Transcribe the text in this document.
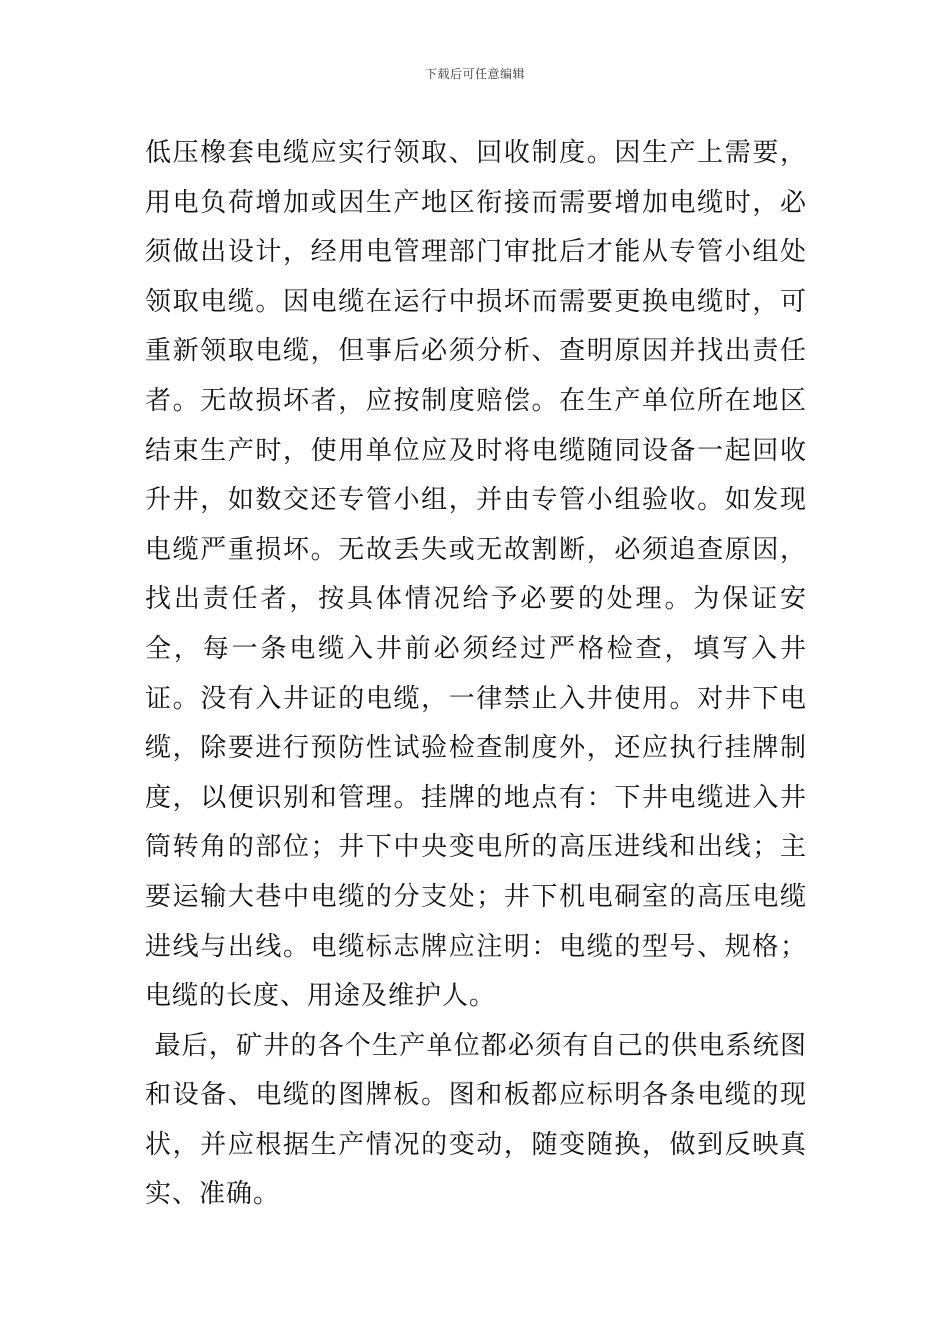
下载后可任意编辑

低压橡套电缆应实行领取、回收制度。因生产上需要，用电负荷增加或因生产地区衔接而需要增加电缆时，必须做出设计，经用电管理部门审批后才能从专管小组处领取电缆。因电缆在运行中损坏而需要更换电缆时，可重新领取电缆，但事后必须分析、查明原因并找出责任者。无故损坏者，应按制度赔偿。在生产单位所在地区结束生产时，使用单位应及时将电缆随同设备一起回收升井，如数交还专管小组，并由专管小组验收。如发现电缆严重损坏。无故丢失或无故割断，必须追查原因，找出责任者，按具体情况给予必要的处理。为保证安全，每一条电缆入井前必须经过严格检查，填写入井证。没有入井证的电缆，一律禁止入井使用。对井下电缆，除要进行预防性试验检查制度外，还应执行挂牌制度，以便识别和管理。挂牌的地点有：下井电缆进入井筒转角的部位；井下中央变电所的高压进线和出线；主要运输大巷中电缆的分支处；井下机电硐室的高压电缆进线与出线。电缆标志牌应注明：电缆的型号、规格；电缆的长度、用途及维护人。

最后，矿井的各个生产单位都必须有自己的供电系统图和设备、电缆的图牌板。图和板都应标明各条电缆的现状，并应根据生产情况的变动，随变随换，做到反映真实、准确。
